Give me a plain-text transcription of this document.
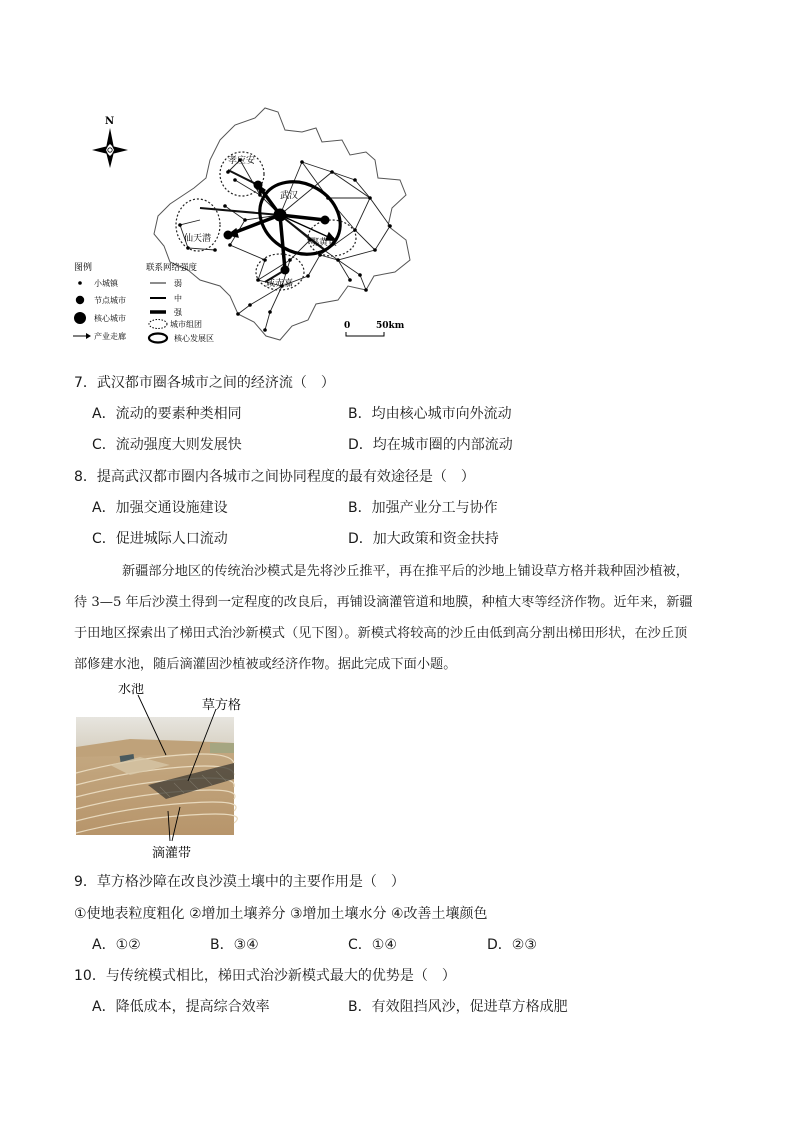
N
孝应安
武汉
仙天潜	鄂黄黄
咸赤嘉
图例	联系网络强度
小城镇
节点城市
核心城市
产业走廊
弱
中
强
城市组团
核心发展区
0	50km
7．武汉都市圈各城市之间的经济流（　）
A．流动的要素种类相同	B．均由核心城市向外流动
C．流动强度大则发展快	D．均在城市圈的内部流动
8．提高武汉都市圈内各城市之间协同程度的最有效途径是（　）
A．加强交通设施建设	B．加强产业分工与协作
C．促进城际人口流动	D．加大政策和资金扶持
新疆部分地区的传统治沙模式是先将沙丘推平，再在推平后的沙地上铺设草方格并栽种固沙植被，
待 3—5 年后沙漠土得到一定程度的改良后，再铺设滴灌管道和地膜，种植大枣等经济作物。近年来，新疆
于田地区探索出了梯田式治沙新模式（见下图）。新模式将较高的沙丘由低到高分割出梯田形状，在沙丘顶
部修建水池，随后滴灌固沙植被或经济作物。据此完成下面小题。
水池
草方格
滴灌带
9．草方格沙障在改良沙漠土壤中的主要作用是（　）
①使地表粒度粗化 ②增加土壤养分 ③增加土壤水分 ④改善土壤颜色
A．①②	B．③④	C．①④	D．②③
10．与传统模式相比，梯田式治沙新模式最大的优势是（　）
A．降低成本，提高综合效率	B．有效阻挡风沙，促进草方格成肥
